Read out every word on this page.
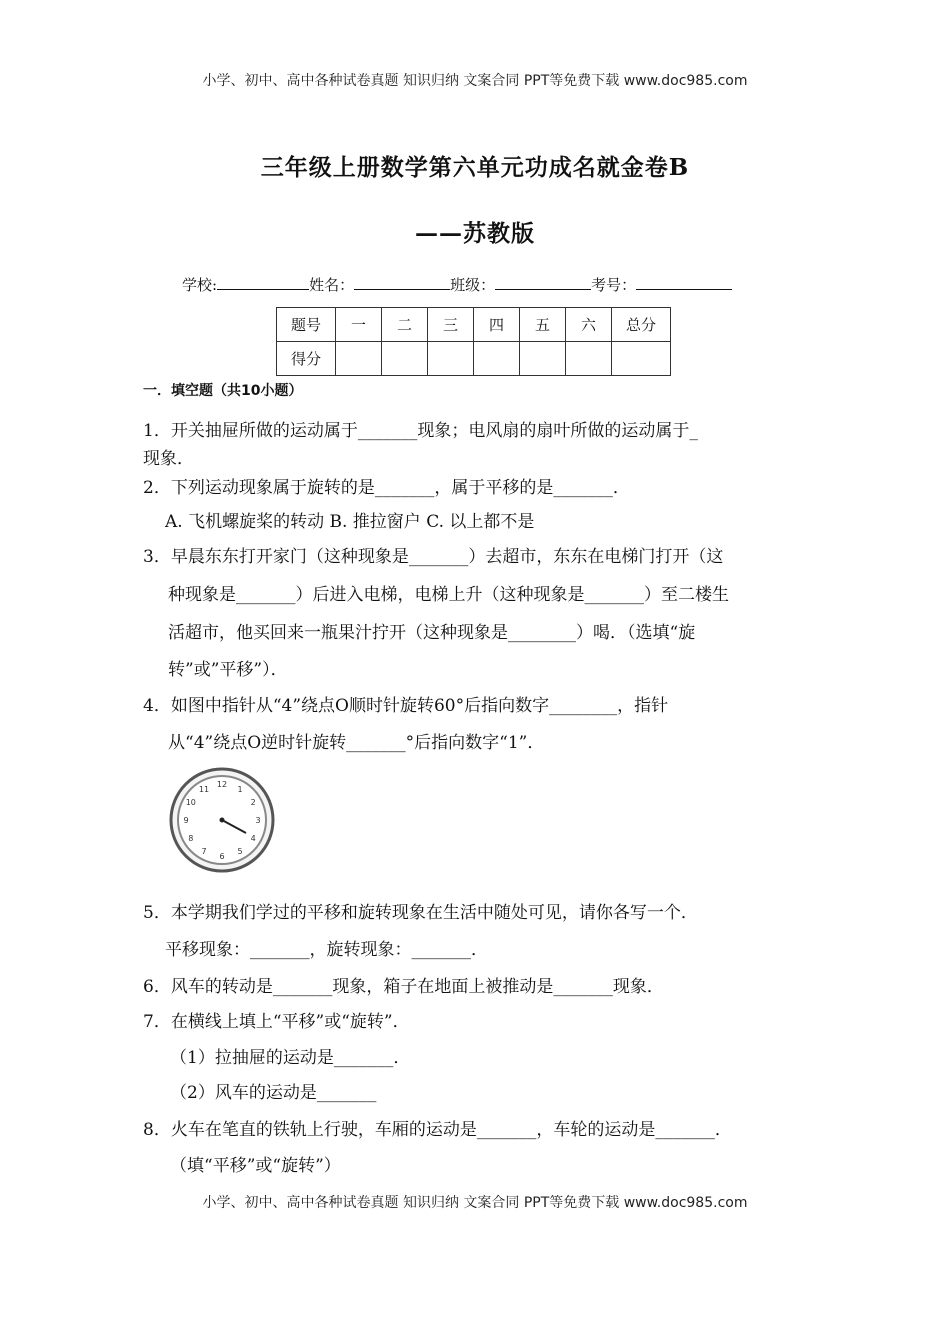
小学、初中、高中各种试卷真题 知识归纳 文案合同 PPT等免费下载 www.doc985.com
三年级上册数学第六单元功成名就金卷B
——苏教版
学校:	姓名：	班级：	考号：
题号	一	二	三	四	五	六	总分
得分							
一．填空题（共10小题）
1．开关抽屉所做的运动属于_______现象；电风扇的扇叶所做的运动属于_
现象．
2．下列运动现象属于旋转的是_______，属于平移的是_______．
A. 飞机螺旋桨的转动 B. 推拉窗户 C. 以上都不是
3．早晨东东打开家门（这种现象是_______）去超市，东东在电梯门打开（这
种现象是_______）后进入电梯，电梯上升（这种现象是_______）至二楼生
活超市，他买回来一瓶果汁拧开（这种现象是________）喝．（选填“旋
转”或”平移”）．
4．如图中指针从“4”绕点O顺时针旋转60°后指向数字________，指针
从“4”绕点O逆时针旋转_______°后指向数字“1”．
12
1
2
3
4
5
6
7
8
9
10
11
5．本学期我们学过的平移和旋转现象在生活中随处可见，请你各写一个．
平移现象：_______，旋转现象：_______．
6．风车的转动是_______现象，箱子在地面上被推动是_______现象．
7．在横线上填上“平移”或“旋转”．
（1）拉抽屉的运动是_______．
（2）风车的运动是_______
8．火车在笔直的铁轨上行驶，车厢的运动是_______，车轮的运动是_______．
（填“平移”或“旋转”）
小学、初中、高中各种试卷真题 知识归纳 文案合同 PPT等免费下载 www.doc985.com
